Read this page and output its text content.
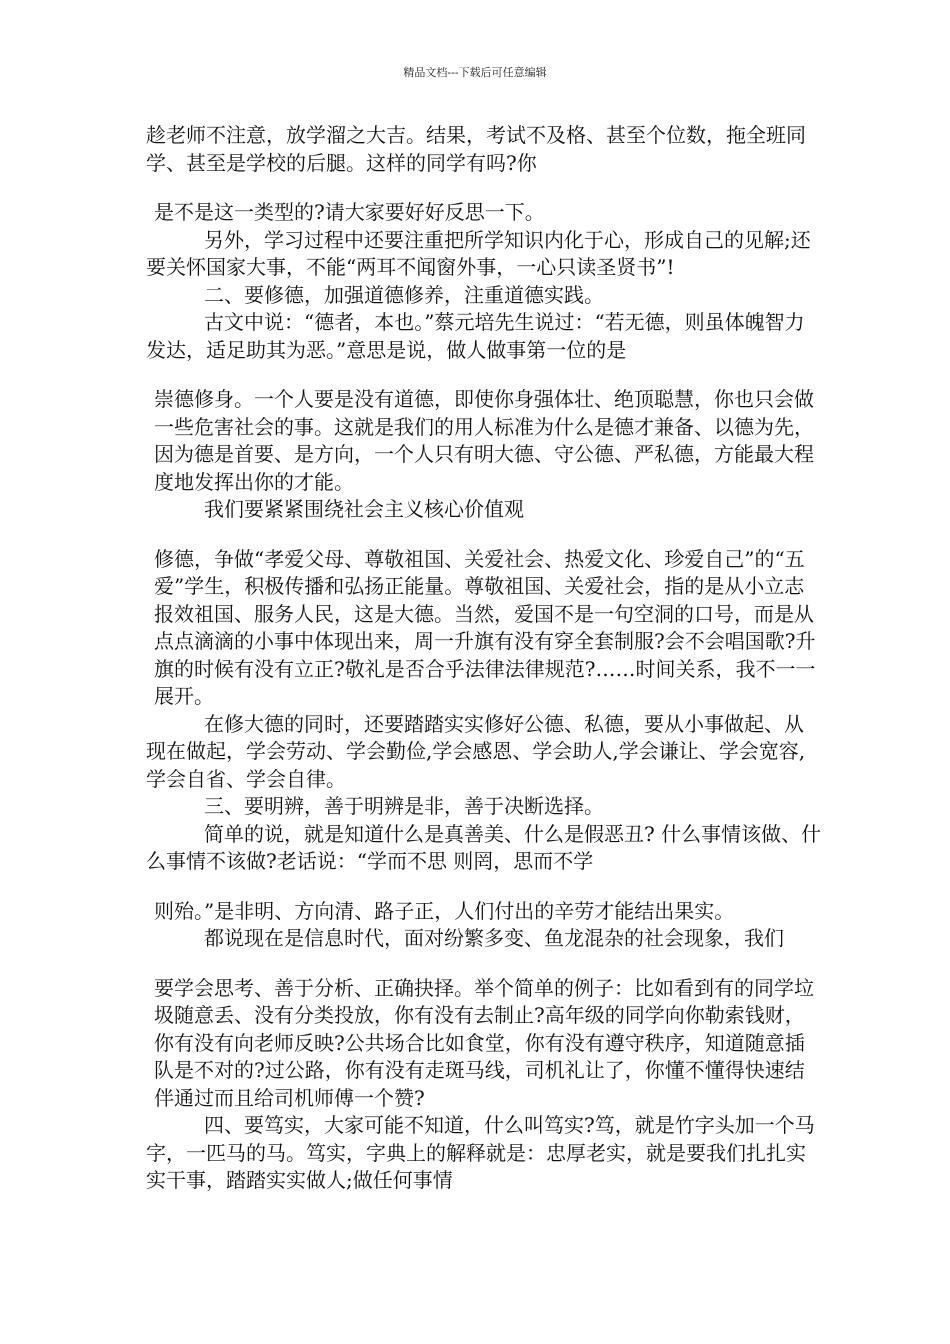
精品文档---下载后可任意编辑

趁老师不注意，放学溜之大吉。结果，考试不及格、甚至个位数，拖全班同学、甚至是学校的后腿。这样的同学有吗?你

是不是这一类型的?请大家要好好反思一下。

另外，学习过程中还要注重把所学知识内化于心，形成自己的见解;还要关怀国家大事，不能“两耳不闻窗外事，一心只读圣贤书”!

二、要修德，加强道德修养，注重道德实践。

古文中说：“德者，本也。”蔡元培先生说过：“若无德，则虽体魄智力发达，适足助其为恶。”意思是说，做人做事第一位的是

崇德修身。一个人要是没有道德，即使你身强体壮、绝顶聪慧，你也只会做一些危害社会的事。这就是我们的用人标准为什么是德才兼备、以德为先，因为德是首要、是方向，一个人只有明大德、守公德、严私德，方能最大程度地发挥出你的才能。

我们要紧紧围绕社会主义核心价值观

修德，争做“孝爱父母、尊敬祖国、关爱社会、热爱文化、珍爱自己”的“五爱”学生，积极传播和弘扬正能量。尊敬祖国、关爱社会，指的是从小立志报效祖国、服务人民，这是大德。当然，爱国不是一句空洞的口号，而是从点点滴滴的小事中体现出来，周一升旗有没有穿全套制服?会不会唱国歌?升旗的时候有没有立正?敬礼是否合乎法律法律规范?……时间关系，我不一一展开。

在修大德的同时，还要踏踏实实修好公德、私德，要从小事做起、从现在做起，学会劳动、学会勤俭,学会感恩、学会助人,学会谦让、学会宽容,学会自省、学会自律。

三、要明辨，善于明辨是非，善于决断选择。

简单的说，就是知道什么是真善美、什么是假恶丑? 什么事情该做、什么事情不该做?老话说：“学而不思 则罔，思而不学

则殆。”是非明、方向清、路子正，人们付出的辛劳才能结出果实。

都说现在是信息时代，面对纷繁多变、鱼龙混杂的社会现象，我们

要学会思考、善于分析、正确抉择。举个简单的例子：比如看到有的同学垃圾随意丢、没有分类投放，你有没有去制止?高年级的同学向你勒索钱财，你有没有向老师反映?公共场合比如食堂，你有没有遵守秩序，知道随意插队是不对的?过公路，你有没有走斑马线，司机礼让了，你懂不懂得快速结伴通过而且给司机师傅一个赞?

四、要笃实，大家可能不知道，什么叫笃实?笃，就是竹字头加一个马字，一匹马的马。笃实，字典上的解释就是：忠厚老实，就是要我们扎扎实实干事，踏踏实实做人;做任何事情
